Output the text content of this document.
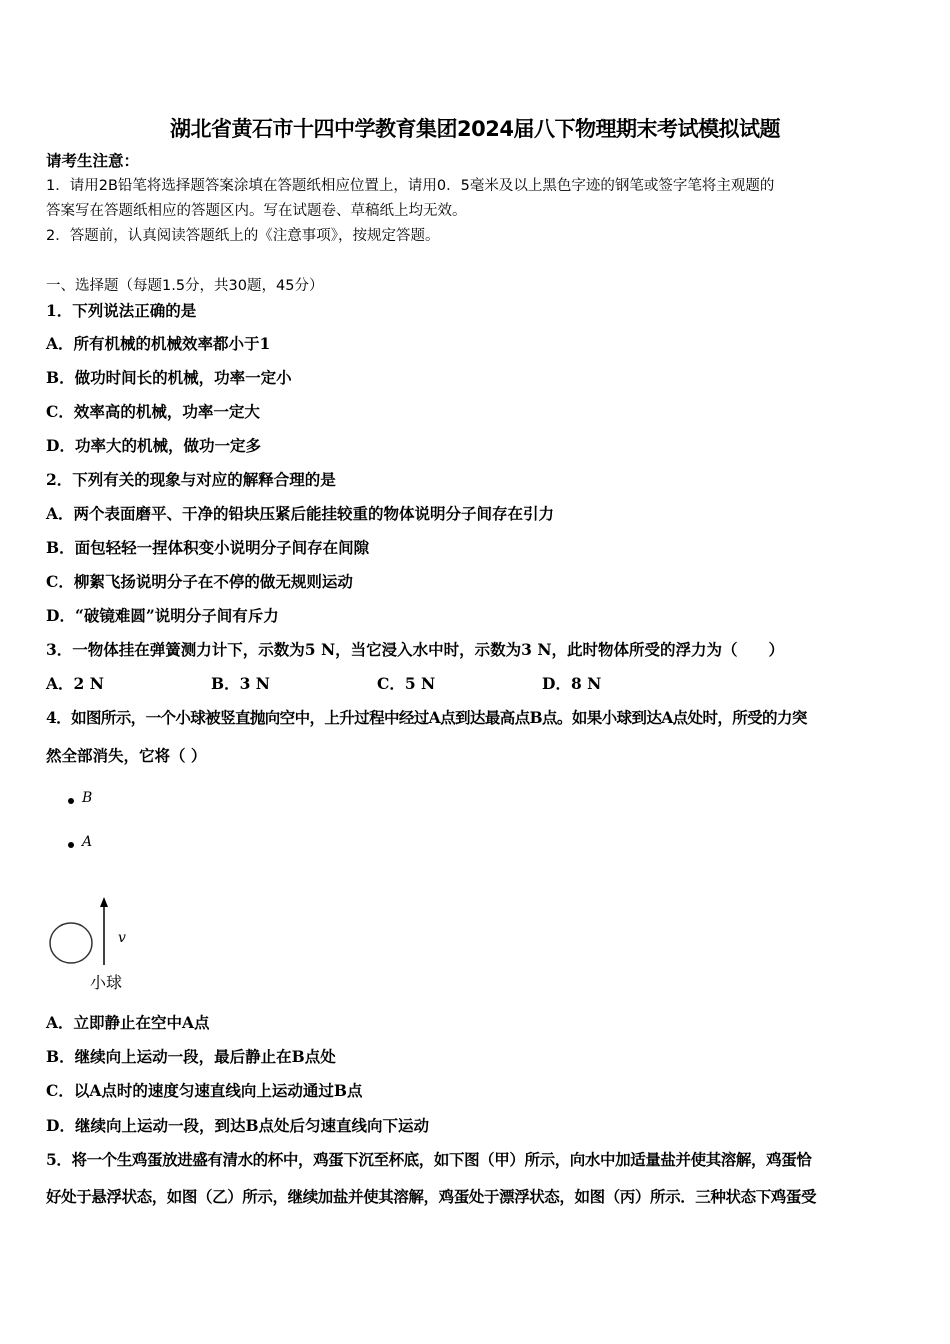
湖北省黄石市十四中学教育集团2024届八下物理期末考试模拟试题
请考生注意：
1．请用2B铅笔将选择题答案涂填在答题纸相应位置上，请用0．5毫米及以上黑色字迹的钢笔或签字笔将主观题的
答案写在答题纸相应的答题区内。写在试题卷、草稿纸上均无效。
2．答题前，认真阅读答题纸上的《注意事项》，按规定答题。
一、选择题（每题1.5分，共30题，45分）
1．下列说法正确的是
A．所有机械的机械效率都小于1
B．做功时间长的机械，功率一定小
C．效率高的机械，功率一定大
D．功率大的机械，做功一定多
2．下列有关的现象与对应的解释合理的是
A．两个表面磨平、干净的铅块压紧后能挂较重的物体说明分子间存在引力
B．面包轻轻一捏体积变小说明分子间存在间隙
C．柳絮飞扬说明分子在不停的做无规则运动
D．“破镜难圆”说明分子间有斥力
3．一物体挂在弹簧测力计下，示数为5 N，当它浸入水中时，示数为3 N，此时物体所受的浮力为（　　）
A．2 N	B．3 N	C．5 N	D．8 N
4．如图所示，一个小球被竖直抛向空中，上升过程中经过A点到达最高点B点。如果小球到达A点处时，所受的力突
然全部消失，它将（ ）
B
A
v
小球
A．立即静止在空中A点
B．继续向上运动一段，最后静止在B点处
C．以A点时的速度匀速直线向上运动通过B点
D．继续向上运动一段，到达B点处后匀速直线向下运动
5．将一个生鸡蛋放进盛有清水的杯中，鸡蛋下沉至杯底，如下图（甲）所示，向水中加适量盐并使其溶解，鸡蛋恰
好处于悬浮状态，如图（乙）所示，继续加盐并使其溶解，鸡蛋处于漂浮状态，如图（丙）所示．三种状态下鸡蛋受
